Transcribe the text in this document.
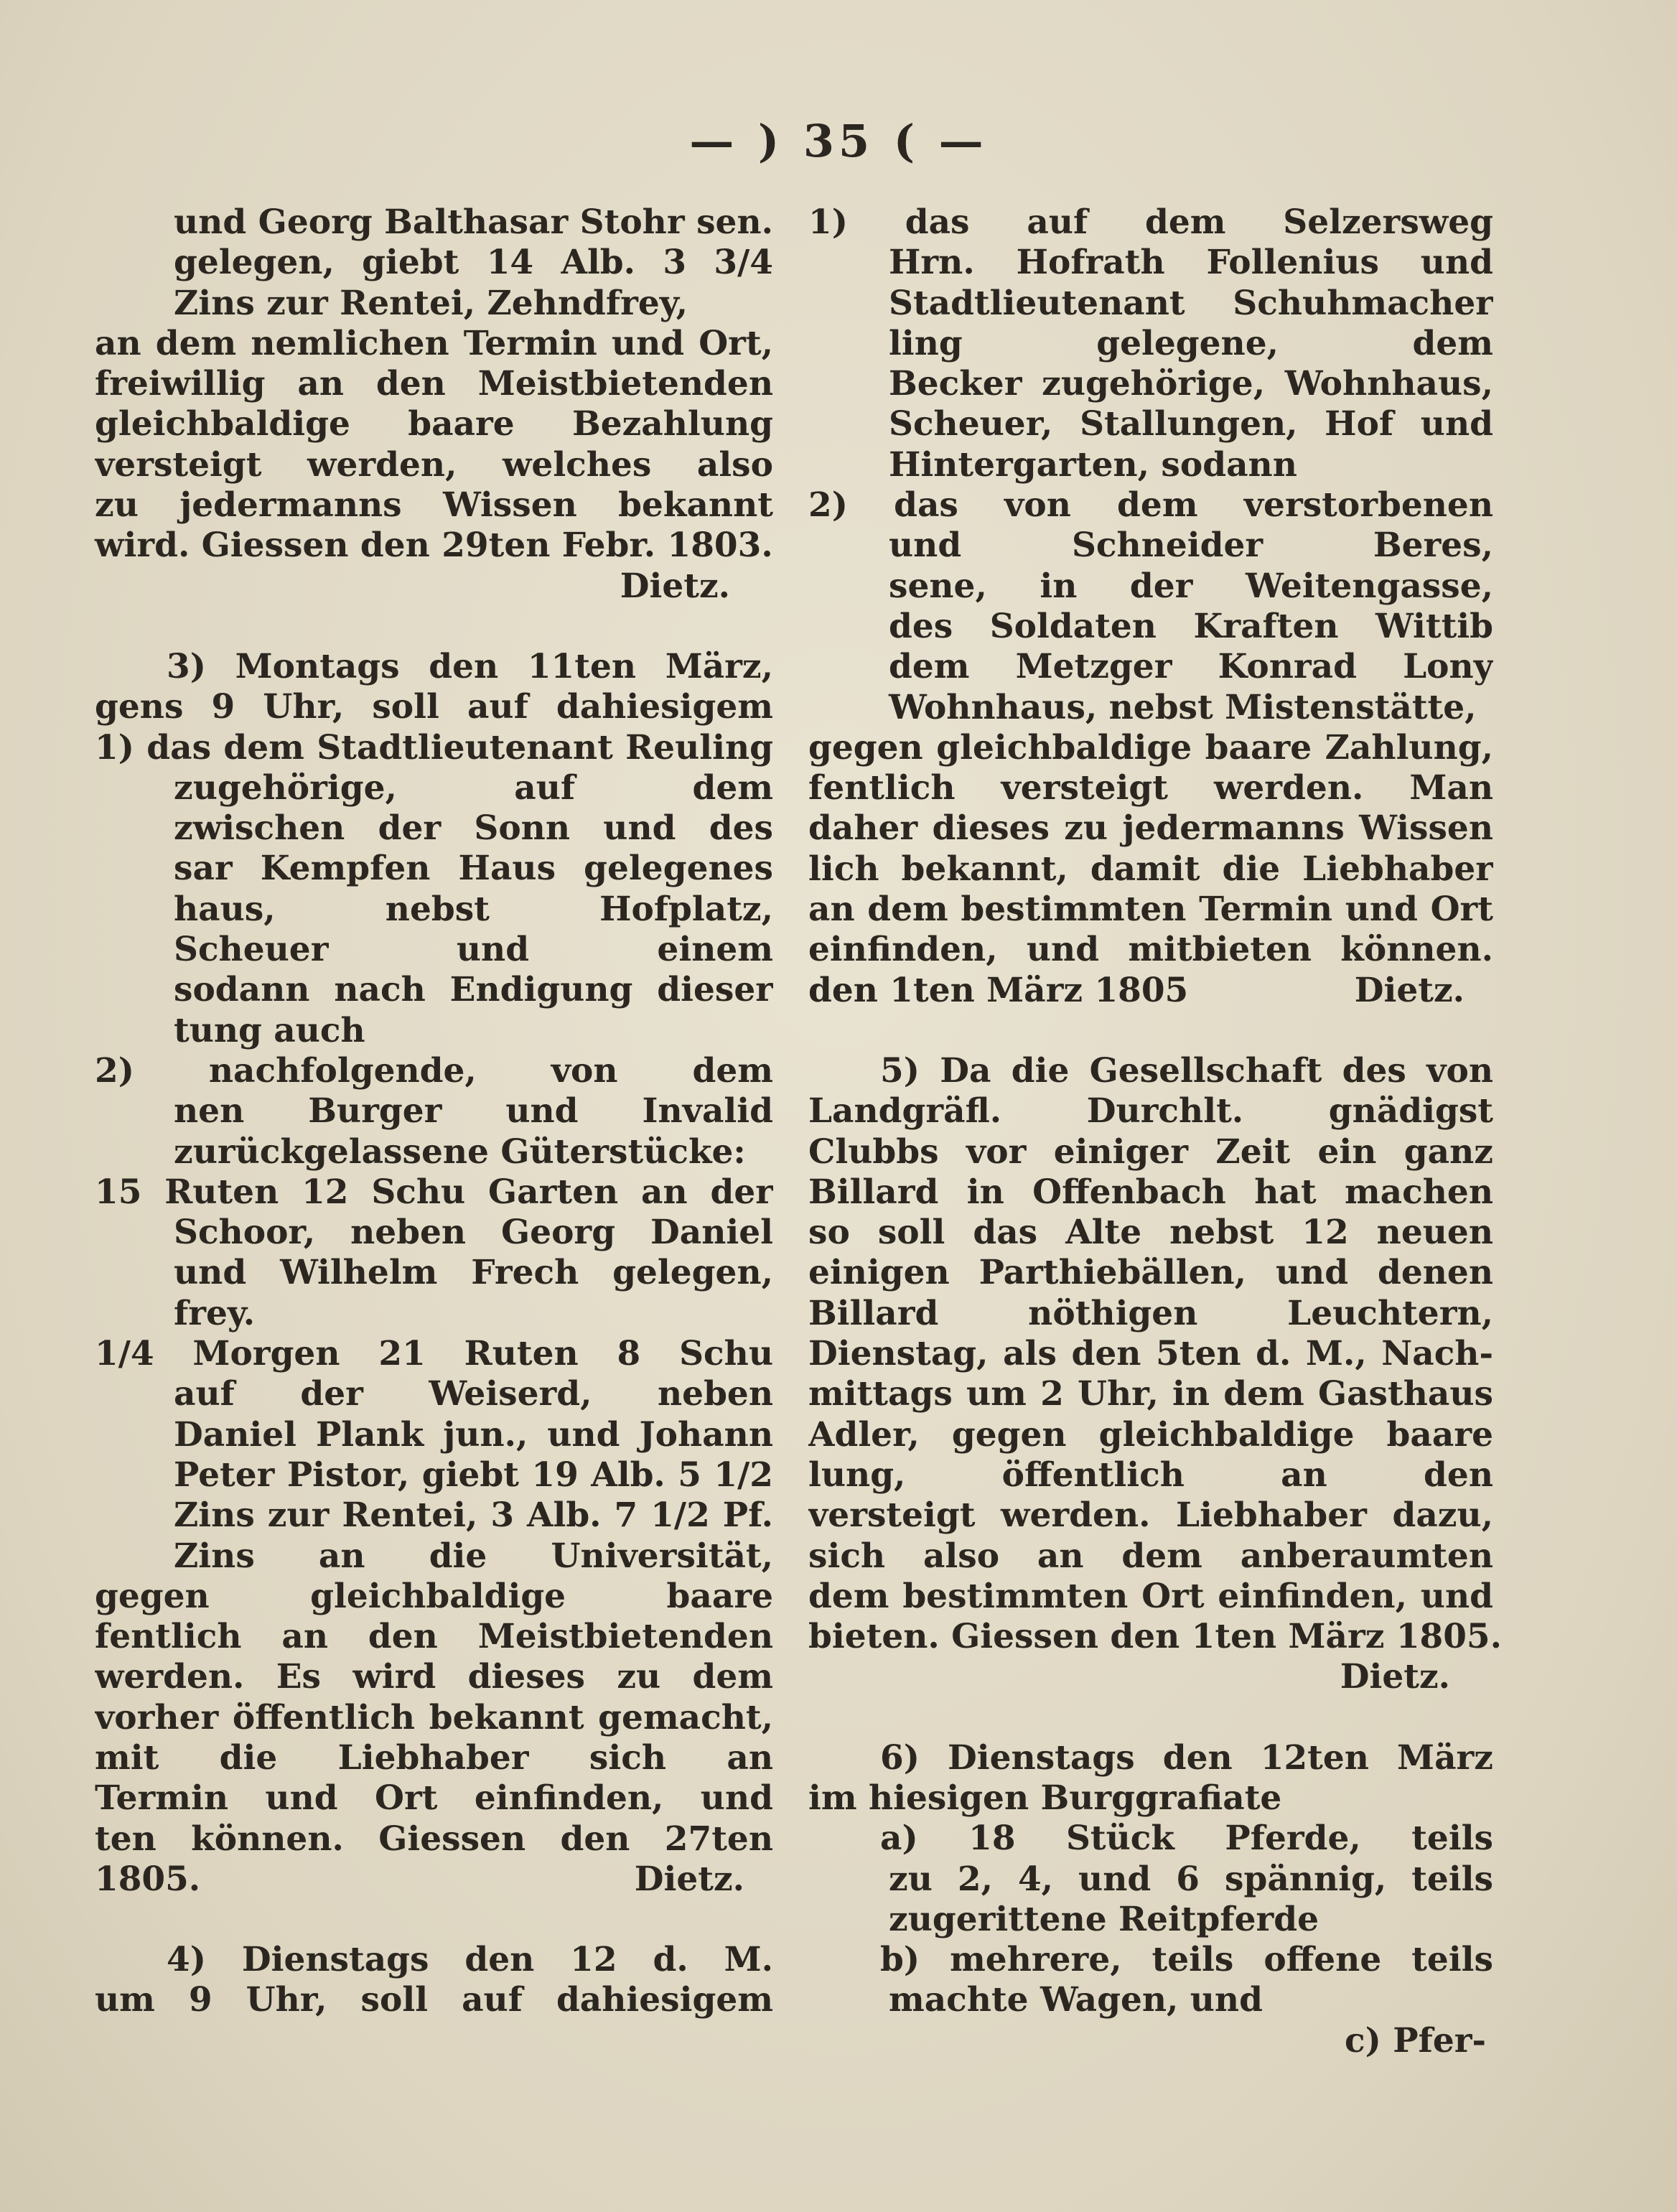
— ) 35 ( —
und Georg Balthasar Stohr sen.
gelegen, giebt 14 Alb. 3 3/4
Zins zur Rentei, Zehndfrey,
an dem nemlichen Termin und Ort,
freiwillig an den Meistbietenden
gleichbaldige baare Bezahlung
versteigt werden, welches also
zu jedermanns Wissen bekannt
wird. Giessen den 29ten Febr. 1803.
Dietz.
3) Montags den 11ten März,
gens 9 Uhr, soll auf dahiesigem
1) das dem Stadtlieutenant Reuling
zugehörige, auf dem
zwischen der Sonn und des
sar Kempfen Haus gelegenes
haus, nebst Hofplatz,
Scheuer und einem
sodann nach Endigung dieser
tung auch
2) nachfolgende, von dem
nen Burger und Invalid
zurückgelassene Güterstücke:
15 Ruten 12 Schu Garten an der
Schoor, neben Georg Daniel
und Wilhelm Frech gelegen,
frey.
1/4 Morgen 21 Ruten 8 Schu
auf der Weiserd, neben
Daniel Plank jun., und Johann
Peter Pistor, giebt 19 Alb. 5 1/2
Zins zur Rentei, 3 Alb. 7 1/2 Pf.
Zins an die Universität,
gegen gleichbaldige baare
fentlich an den Meistbietenden
werden. Es wird dieses zu dem
vorher öffentlich bekannt gemacht,
mit die Liebhaber sich an
Termin und Ort einfinden, und
ten können. Giessen den 27ten
1805.	Dietz.
4) Dienstags den 12 d. M.
um 9 Uhr, soll auf dahiesigem
1) das auf dem Selzersweg
Hrn. Hofrath Follenius und
Stadtlieutenant Schuhmacher
ling gelegene, dem
Becker zugehörige, Wohnhaus,
Scheuer, Stallungen, Hof und
Hintergarten, sodann
2) das von dem verstorbenen
und Schneider Beres,
sene, in der Weitengasse,
des Soldaten Kraften Wittib
dem Metzger Konrad Lony
Wohnhaus, nebst Mistenstätte,
gegen gleichbaldige baare Zahlung,
fentlich versteigt werden. Man
daher dieses zu jedermanns Wissen
lich bekannt, damit die Liebhaber
an dem bestimmten Termin und Ort
einfinden, und mitbieten können.
den 1ten März 1805	Dietz.
5) Da die Gesellschaft des von
Landgräfl. Durchlt. gnädigst
Clubbs vor einiger Zeit ein ganz
Billard in Offenbach hat machen
so soll das Alte nebst 12 neuen
einigen Parthiebällen, und denen
Billard nöthigen Leuchtern,
Dienstag, als den 5ten d. M., Nach-
mittags um 2 Uhr, in dem Gasthaus
Adler, gegen gleichbaldige baare
lung, öffentlich an den
versteigt werden. Liebhaber dazu,
sich also an dem anberaumten
dem bestimmten Ort einfinden, und
bieten. Giessen den 1ten März 1805.
Dietz.
6) Dienstags den 12ten März
im hiesigen Burggrafiate
a) 18 Stück Pferde, teils
zu 2, 4, und 6 spännig, teils
zugerittene Reitpferde
b) mehrere, teils offene teils
machte Wagen, und
c) Pfer-
